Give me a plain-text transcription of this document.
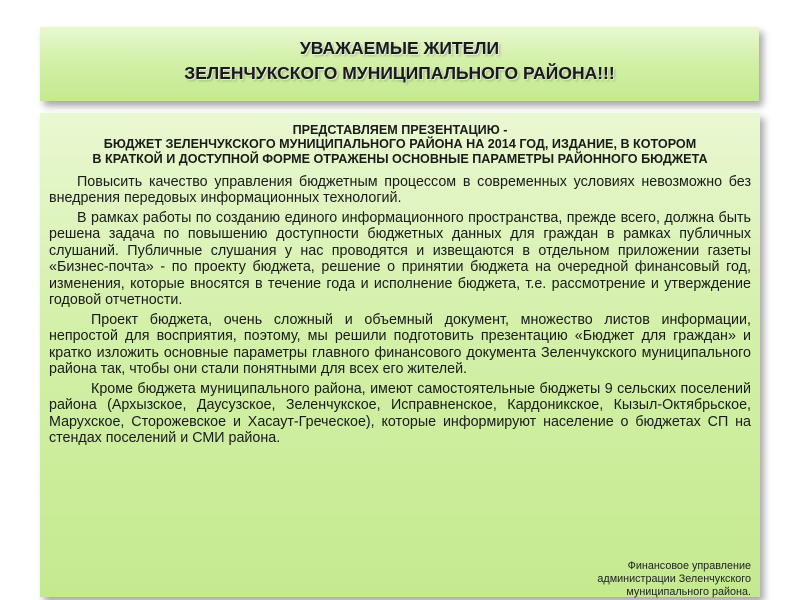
УВАЖАЕМЫЕ ЖИТЕЛИ
ЗЕЛЕНЧУКСКОГО МУНИЦИПАЛЬНОГО РАЙОНА!!!
ПРЕДСТАВЛЯЕМ ПРЕЗЕНТАЦИЮ -
БЮДЖЕТ ЗЕЛЕНЧУКСКОГО МУНИЦИПАЛЬНОГО РАЙОНА НА 2014 ГОД, ИЗДАНИЕ, В КОТОРОМ
В КРАТКОЙ И ДОСТУПНОЙ ФОРМЕ ОТРАЖЕНЫ ОСНОВНЫЕ ПАРАМЕТРЫ РАЙОННОГО БЮДЖЕТА

Повысить качество управления бюджетным процессом в современных условиях невозможно без внедрения передовых информационных технологий.

В рамках работы по созданию единого информационного пространства, прежде всего, должна быть решена задача по повышению доступности бюджетных данных для граждан в рамках публичных слушаний. Публичные слушания у нас проводятся и извещаются в отдельном приложении газеты «Бизнес-почта» - по проекту бюджета, решение о принятии бюджета на очередной финансовый год, изменения, которые вносятся в течение года и исполнение бюджета, т.е. рассмотрение и утверждение годовой отчетности.

Проект бюджета, очень сложный и объемный документ, множество листов информации, непростой для восприятия, поэтому, мы решили подготовить презентацию «Бюджет для граждан» и кратко изложить основные параметры главного финансового документа Зеленчукского муниципального района так, чтобы они стали понятными для всех его жителей.

Кроме бюджета муниципального района, имеют самостоятельные бюджеты 9 сельских поселений района (Архызское, Даусузское, Зеленчукское, Исправненское, Кардоникское, Кызыл-Октябрьское, Марухское, Сторожевское и Хасаут-Греческое), которые информируют население о бюджетах СП на стендах поселений и СМИ района.

Финансовое управление
администрации Зеленчукского
муниципального района.
